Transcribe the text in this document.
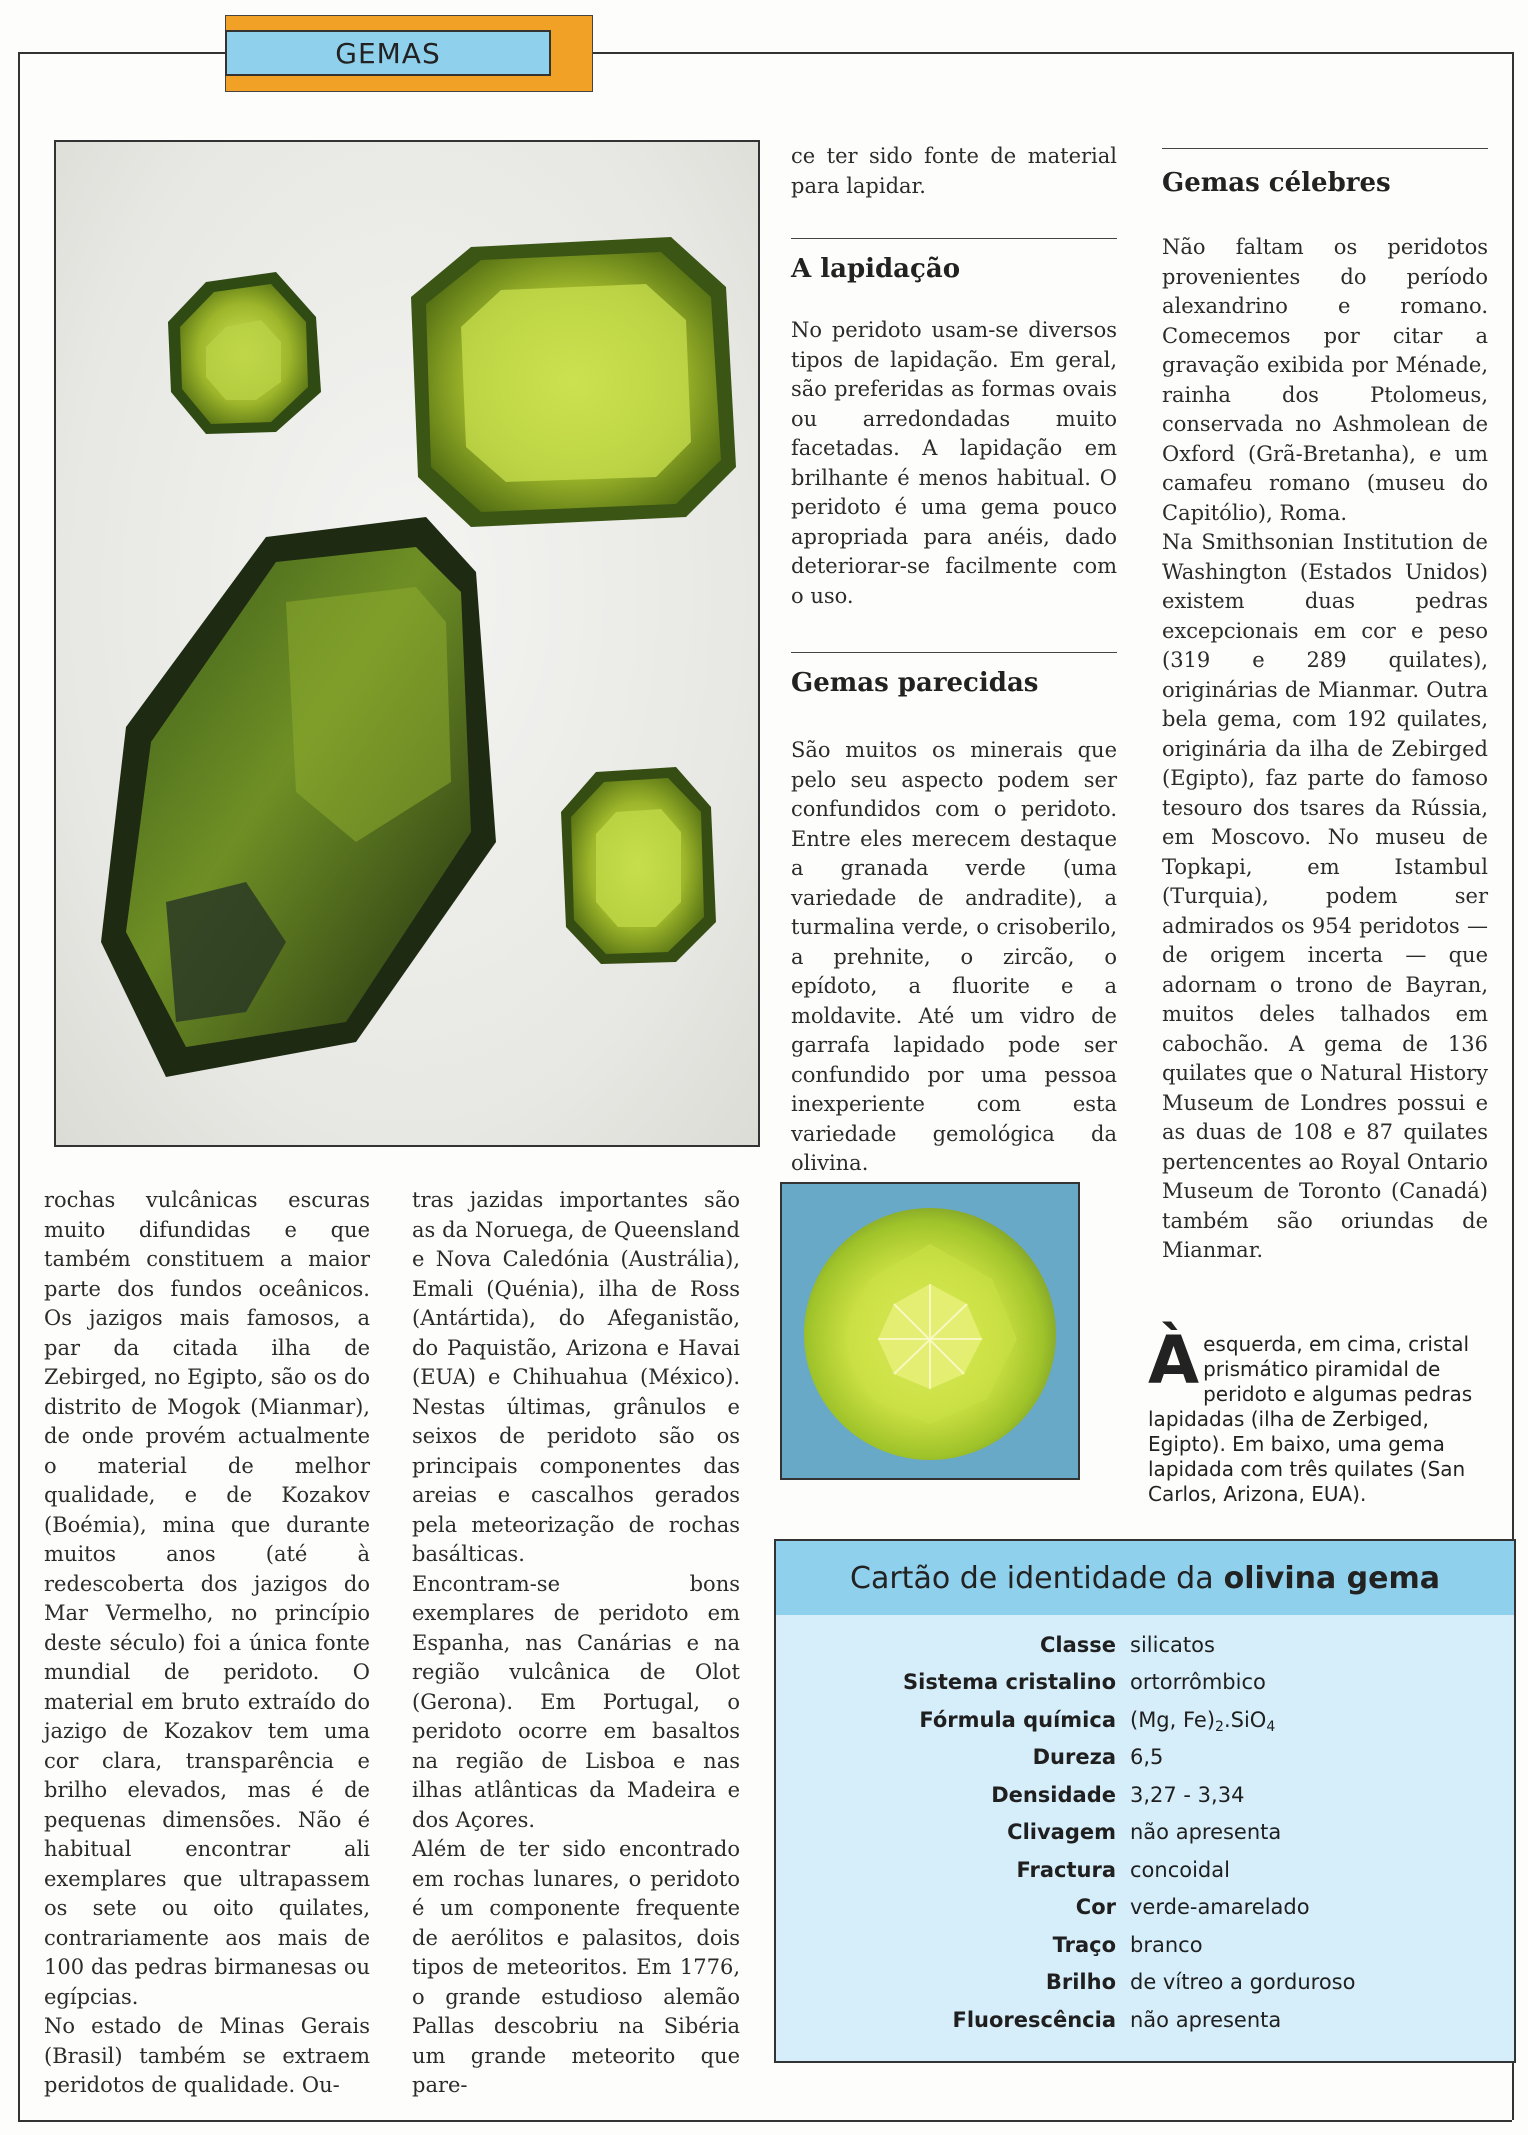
GEMAS

rochas vulcânicas escuras muito difundidas e que também constituem a maior parte dos fundos oceânicos. Os jazigos mais famosos, a par da citada ilha de Zebirged, no Egipto, são os do distrito de Mogok (Mianmar), de onde provém actualmente o material de melhor qualidade, e de Kozakov (Boémia), mina que durante muitos anos (até à redescoberta dos jazigos do Mar Vermelho, no princípio deste século) foi a única fonte mundial de peridoto. O material em bruto extraído do jazigo de Kozakov tem uma cor clara, transparência e brilho elevados, mas é de pequenas dimensões. Não é habitual encontrar ali exemplares que ultrapassem os sete ou oito quilates, contrariamente aos mais de 100 das pedras birmanesas ou egípcias.

No estado de Minas Gerais (Brasil) também se extraem peridotos de qualidade. Ou-

tras jazidas importantes são as da Noruega, de Queensland e Nova Caledónia (Austrália), Emali (Quénia), ilha de Ross (Antártida), do Afeganistão, do Paquistão, Arizona e Havai (EUA) e Chihuahua (México). Nestas últimas, grânulos e seixos de peridoto são os principais componentes das areias e cascalhos gerados pela meteorização de rochas basálticas.

Encontram-se bons exemplares de peridoto em Espanha, nas Canárias e na região vulcânica de Olot (Gerona). Em Portugal, o peridoto ocorre em basaltos na região de Lisboa e nas ilhas atlânticas da Madeira e dos Açores.

Além de ter sido encontrado em rochas lunares, o peridoto é um componente frequente de aerólitos e palasitos, dois tipos de meteoritos. Em 1776, o grande estudioso alemão Pallas descobriu na Sibéria um grande meteorito que pare-

ce ter sido fonte de material para lapidar.

A lapidação

No peridoto usam-se diversos tipos de lapidação. Em geral, são preferidas as formas ovais ou arredondadas muito facetadas. A lapidação em brilhante é menos habitual. O peridoto é uma gema pouco apropriada para anéis, dado deteriorar-se facilmente com o uso.

Gemas parecidas

São muitos os minerais que pelo seu aspecto podem ser confundidos com o peridoto. Entre eles merecem destaque a granada verde (uma variedade de andradite), a turmalina verde, o crisoberilo, a prehnite, o zircão, o epídoto, a fluorite e a moldavite. Até um vidro de garrafa lapidado pode ser confundido por uma pessoa inexperiente com esta variedade gemológica da olivina.

Gemas célebres

Não faltam os peridotos provenientes do período alexandrino e romano. Comecemos por citar a gravação exibida por Ménade, rainha dos Ptolomeus, conservada no Ashmolean de Oxford (Grã-Bretanha), e um camafeu romano (museu do Capitólio), Roma.

Na Smithsonian Institution de Washington (Estados Unidos) existem duas pedras excepcionais em cor e peso (319 e 289 quilates), originárias de Mianmar. Outra bela gema, com 192 quilates, originária da ilha de Zebirged (Egipto), faz parte do famoso tesouro dos tsares da Rússia, em Moscovo. No museu de Topkapi, em Istambul (Turquia), podem ser admirados os 954 peridotos — de origem incerta — que adornam o trono de Bayran, muitos deles talhados em cabochão. A gema de 136 quilates que o Natural History Museum de Londres possui e as duas de 108 e 87 quilates pertencentes ao Royal Ontario Museum de Toronto (Canadá) também são oriundas de Mianmar.

À esquerda, em cima, cristal prismático piramidal de peridoto e algumas pedras lapidadas (ilha de Zerbiged, Egipto). Em baixo, uma gema lapidada com três quilates (San Carlos, Arizona, EUA).
Cartão de identidade da olivina gema
Classe silicatos
Sistema cristalino ortorrômbico
Fórmula química (Mg, $Fe)_2.SiO_4$
Dureza 6,5
Densidade 3,27 - 3,34
Clivagem não apresenta
Fractura concoidal
Cor verde-amarelado
Traço branco
Brilho de vítreo a gorduroso
Fluorescência não apresenta
